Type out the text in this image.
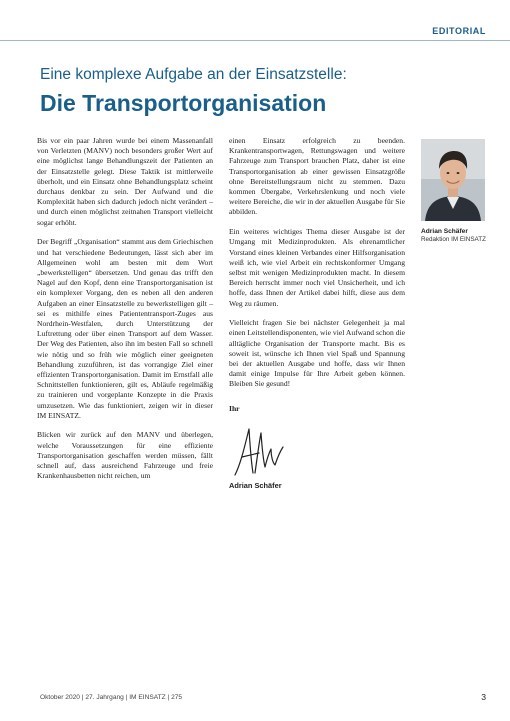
EDITORIAL
Eine komplexe Aufgabe an der Einsatzstelle:
Die Transportorganisation

Bis vor ein paar Jahren wurde bei einem Massenanfall von Verletzten (MANV) noch besonders großer Wert auf eine möglichst lange Behandlungszeit der Patienten an der Einsatzstelle gelegt. Diese Taktik ist mittlerweile überholt, und ein Einsatz ohne Behandlungsplatz scheint durchaus denkbar zu sein. Der Aufwand und die Komplexität haben sich dadurch jedoch nicht verändert – und durch einen möglichst zeitnahen Transport vielleicht sogar erhöht.

Der Begriff „Organisation“ stammt aus dem Griechischen und hat verschiedene Bedeutungen, lässt sich aber im Allgemeinen wohl am besten mit dem Wort „bewerkstelligen“ übersetzen. Und genau das trifft den Nagel auf den Kopf, denn eine Transportorganisation ist ein komplexer Vorgang, den es neben all den anderen Aufgaben an einer Einsatzstelle zu bewerkstelligen gilt – sei es mithilfe eines Patiententransport-Zuges aus Nordrhein-Westfalen, durch Unterstützung der Luftrettung oder über einen Transport auf dem Wasser. Der Weg des Patienten, also ihn im besten Fall so schnell wie nötig und so früh wie möglich einer geeigneten Behandlung zuzuführen, ist das vorrangige Ziel einer effizienten Transportorganisation. Damit im Ernstfall alle Schnittstellen funktionieren, gilt es, Abläufe regelmäßig zu trainieren und vorgeplante Konzepte in die Praxis umzusetzen. Wie das funktioniert, zeigen wir in dieser IM EINSATZ.

Blicken wir zurück auf den MANV und überlegen, welche Voraussetzungen für eine effiziente Transportorganisation geschaffen werden müssen, fällt schnell auf, dass ausreichend Fahrzeuge und freie Krankenhausbetten nicht reichen, um

einen Einsatz erfolgreich zu beenden. Krankentransportwagen, Rettungswagen und weitere Fahrzeuge zum Transport brauchen Platz, daher ist eine Transportorganisation ab einer gewissen Einsatzgröße ohne Bereitstellungsraum nicht zu stemmen. Dazu kommen Übergabe, Verkehrslenkung und noch viele weitere Bereiche, die wir in der aktuellen Ausgabe für Sie abbilden.

Ein weiteres wichtiges Thema dieser Ausgabe ist der Umgang mit Medizinprodukten. Als ehrenamtlicher Vorstand eines kleinen Verbandes einer Hilfsorganisation weiß ich, wie viel Arbeit ein rechtskonformer Umgang selbst mit wenigen Medizinprodukten macht. In diesem Bereich herrscht immer noch viel Unsicherheit, und ich hoffe, dass Ihnen der Artikel dabei hilft, diese aus dem Weg zu räumen.

Vielleicht fragen Sie bei nächster Gelegenheit ja mal einen Leitstellendisponenten, wie viel Aufwand schon die alltägliche Organisation der Transporte macht. Bis es soweit ist, wünsche ich Ihnen viel Spaß und Spannung bei der aktuellen Ausgabe und hoffe, dass wir Ihnen damit einige Impulse für Ihre Arbeit geben können. Bleiben Sie gesund!

Ihr

Adrian Schäfer

Adrian Schäfer
Redaktion IM EINSATZ
Oktober 2020 | 27. Jahrgang | IM EINSATZ | 275	3
